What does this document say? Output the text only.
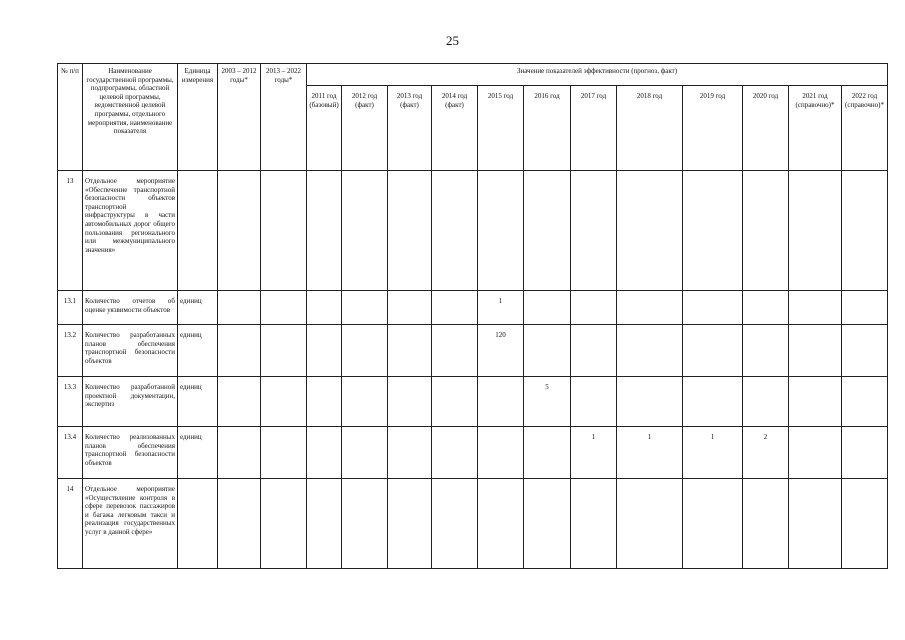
25
№ п/п	Наименование государственной программы, подпрограммы, областной целевой программы, ведомственной целевой программы, отдельного мероприятия, наименование показателя	Единица измерения	2003 – 2012 годы*	2013 – 2022 годы*	Значение показателей эффективности (прогноз, факт)											
					2011 год (базовый)	2012 год (факт)	2013 год (факт)	2014 год (факт)	2015 год	2016 год	2017 год	2018 год	2019 год	2020 год	2021 год (справочно)*	2022 год (справочно)*
13	Отдельное мероприятие «Обеспечение транспортной безопасности объектов транспортной инфраструктуры в части автомобильных дорог общего пользования регионального или межмуниципального значения»															
13.1	Количество отчетов об оценке уязвимости объектов	единиц							1							
13.2	Количество разработанных планов обеспечения транспортной безопасности объектов	единиц							120							
13.3	Количество разработанной проектной документации, экспертиз	единиц								5						
13.4	Количество реализованных планов обеспечения транспортной безопасности объектов	единиц									1	1	1	2		
14	Отдельное мероприятие «Осуществление контроля в сфере перевозок пассажиров и багажа легковым такси и реализация государственных услуг в данной сфере»															
